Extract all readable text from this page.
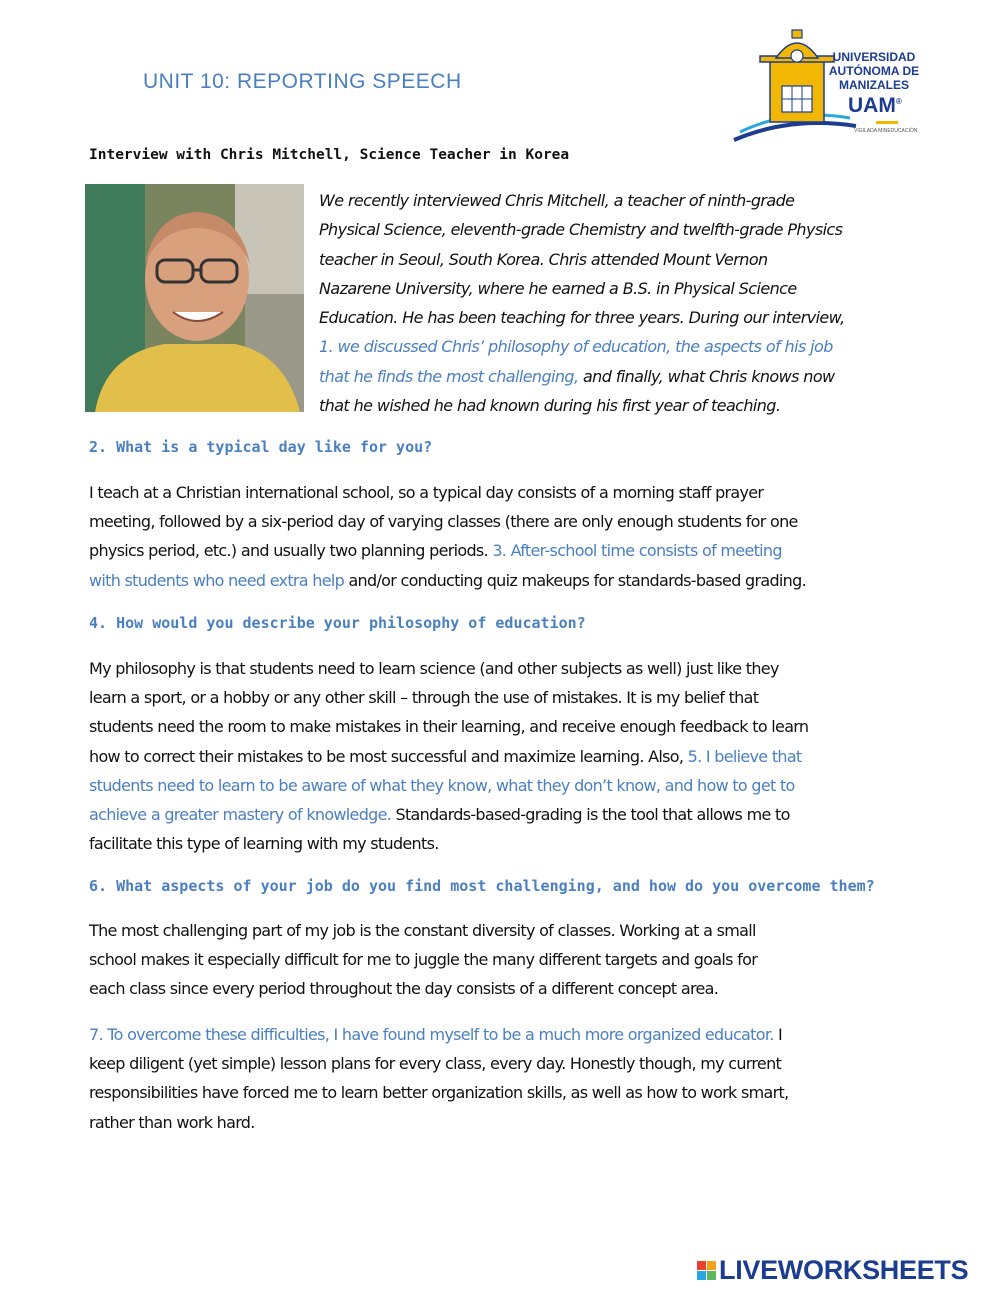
UNIT 10: REPORTING SPEECH
UNIVERSIDAD
AUTÓNOMA DE
MANIZALES
UAM®
VIGILADA MINEDUCACIÓN
Interview with Chris Mitchell, Science Teacher in Korea
We recently interviewed Chris Mitchell, a teacher of ninth-grade
Physical Science, eleventh-grade Chemistry and twelfth-grade Physics
teacher in Seoul, South Korea. Chris attended Mount Vernon
Nazarene University, where he earned a B.S. in Physical Science
Education. He has been teaching for three years. During our interview,
1. we discussed Chris’ philosophy of education, the aspects of his job
that he finds the most challenging, and finally, what Chris knows now
that he wished he had known during his first year of teaching.
2. What is a typical day like for you?
I teach at a Christian international school, so a typical day consists of a morning staff prayer
meeting, followed by a six-period day of varying classes (there are only enough students for one
physics period, etc.) and usually two planning periods. 3. After-school time consists of meeting
with students who need extra help and/or conducting quiz makeups for standards-based grading.
4. How would you describe your philosophy of education?
My philosophy is that students need to learn science (and other subjects as well) just like they
learn a sport, or a hobby or any other skill – through the use of mistakes. It is my belief that
students need the room to make mistakes in their learning, and receive enough feedback to learn
how to correct their mistakes to be most successful and maximize learning. Also, 5. I believe that
students need to learn to be aware of what they know, what they don’t know, and how to get to
achieve a greater mastery of knowledge. Standards-based-grading is the tool that allows me to
facilitate this type of learning with my students.
6. What aspects of your job do you find most challenging, and how do you overcome them?
The most challenging part of my job is the constant diversity of classes. Working at a small
school makes it especially difficult for me to juggle the many different targets and goals for
each class since every period throughout the day consists of a different concept area.
7. To overcome these difficulties, I have found myself to be a much more organized educator. I
keep diligent (yet simple) lesson plans for every class, every day. Honestly though, my current
responsibilities have forced me to learn better organization skills, as well as how to work smart,
rather than work hard.
LIVEWORKSHEETS
